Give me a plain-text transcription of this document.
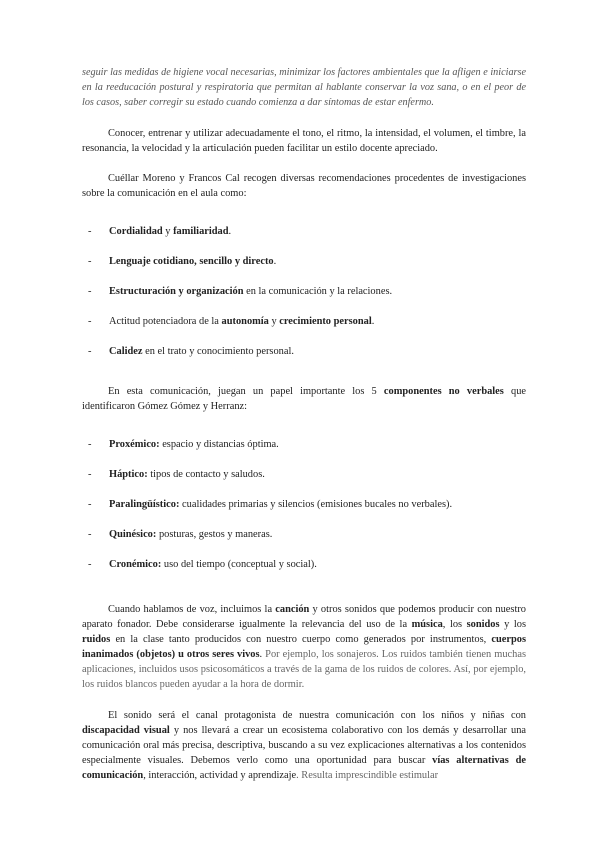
seguir las medidas de higiene vocal necesarias, minimizar los factores ambientales que la afligen e iniciarse en la reeducación postural y respiratoria que permitan al hablante conservar la voz sana, o en el peor de los casos, saber corregir su estado cuando comienza a dar síntomas de estar enfermo.

Conocer, entrenar y utilizar adecuadamente el tono, el ritmo, la intensidad, el volumen, el timbre, la resonancia, la velocidad y la articulación pueden facilitar un estilo docente apreciado.

Cuéllar Moreno y Francos Cal recogen diversas recomendaciones procedentes de investigaciones sobre la comunicación en el aula como:

- Cordialidad y familiaridad.
- Lenguaje cotidiano, sencillo y directo.
- Estructuración y organización en la comunicación y la relaciones.
- Actitud potenciadora de la autonomía y crecimiento personal.
- Calidez en el trato y conocimiento personal.

En esta comunicación, juegan un papel importante los 5 componentes no verbales que identificaron Gómez Gómez y Herranz:

- Proxémico: espacio y distancias óptima.
- Háptico: tipos de contacto y saludos.
- Paralingüístico: cualidades primarias y silencios (emisiones bucales no verbales).
- Quinésico: posturas, gestos y maneras.
- Cronémico: uso del tiempo (conceptual y social).

Cuando hablamos de voz, incluimos la canción y otros sonidos que podemos producir con nuestro aparato fonador. Debe considerarse igualmente la relevancia del uso de la música, los sonidos y los ruidos en la clase tanto producidos con nuestro cuerpo como generados por instrumentos, cuerpos inanimados (objetos) u otros seres vivos. Por ejemplo, los sonajeros. Los ruidos también tienen muchas aplicaciones, incluidos usos psicosomáticos a través de la gama de los ruidos de colores. Así, por ejemplo, los ruidos blancos pueden ayudar a la hora de dormir.

El sonido será el canal protagonista de nuestra comunicación con los niños y niñas con discapacidad visual y nos llevará a crear un ecosistema colaborativo con los demás y desarrollar una comunicación oral más precisa, descriptiva, buscando a su vez explicaciones alternativas a los contenidos especialmente visuales. Debemos verlo como una oportunidad para buscar vías alternativas de comunicación, interacción, actividad y aprendizaje. Resulta imprescindible estimular
